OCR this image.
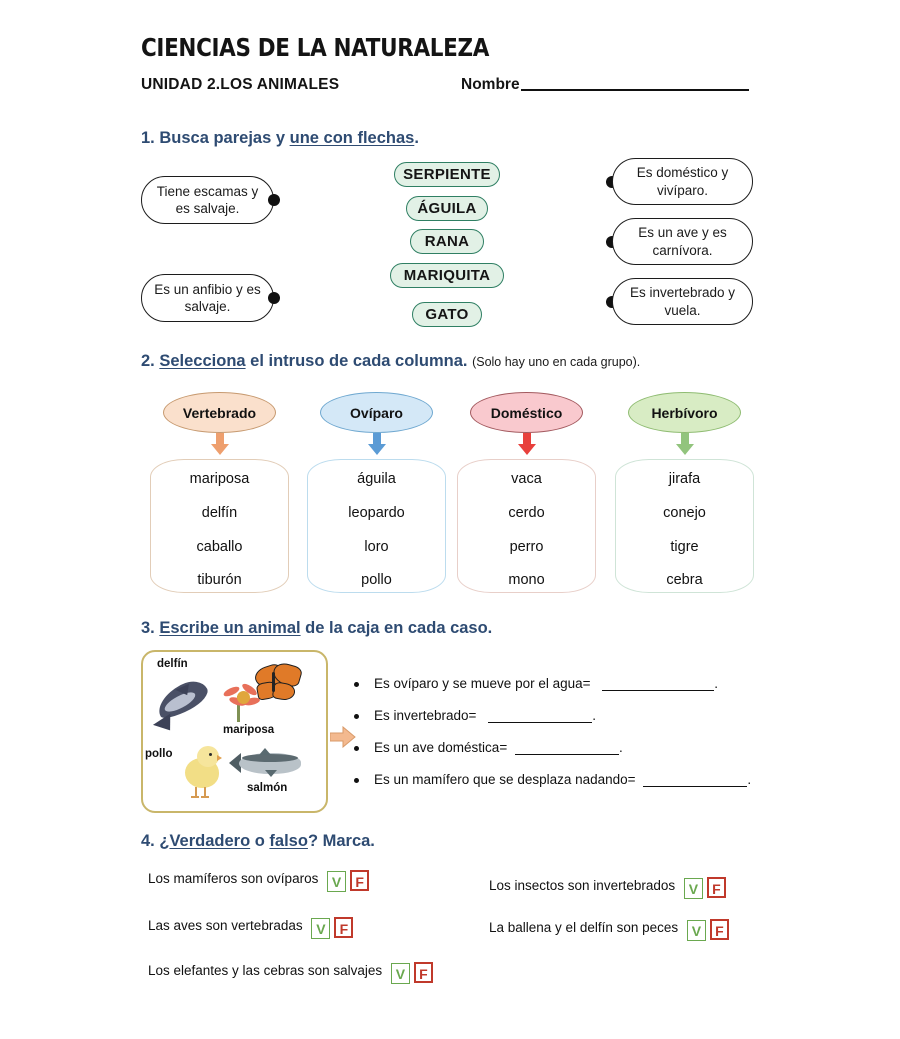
CIENCIAS DE LA NATURALEZA
UNIDAD 2.LOS ANIMALES	Nombre
1. Busca parejas y une con flechas.
Tiene escamas y es salvaje.
Es un anfibio y es salvaje.
SERPIENTE
ÁGUILA
RANA
MARIQUITA
GATO
Es doméstico y vivíparo.
Es un ave y es carnívora.
Es invertebrado y vuela.
2. Selecciona el intruso de cada columna. (Solo hay uno en cada grupo).
Vertebrado
mariposa
delfín
caballo
tiburón
Ovíparo
águila
leopardo
loro
pollo
Doméstico
vaca
cerdo
perro
mono
Herbívoro
jirafa
conejo
tigre
cebra
3. Escribe un animal de la caja en cada caso.
delfín
mariposa
pollo
salmón
Es ovíparo y se mueve por el agua=	.
Es invertebrado=	.
Es un ave doméstica=	.
Es un mamífero que se desplaza nadando=	.
4. ¿Verdadero o falso? Marca.
Los mamíferos son ovíparos V F
Las aves son vertebradas V F
Los elefantes y las cebras son salvajes V F
Los insectos son invertebrados V F
La ballena y el delfín son peces V F
